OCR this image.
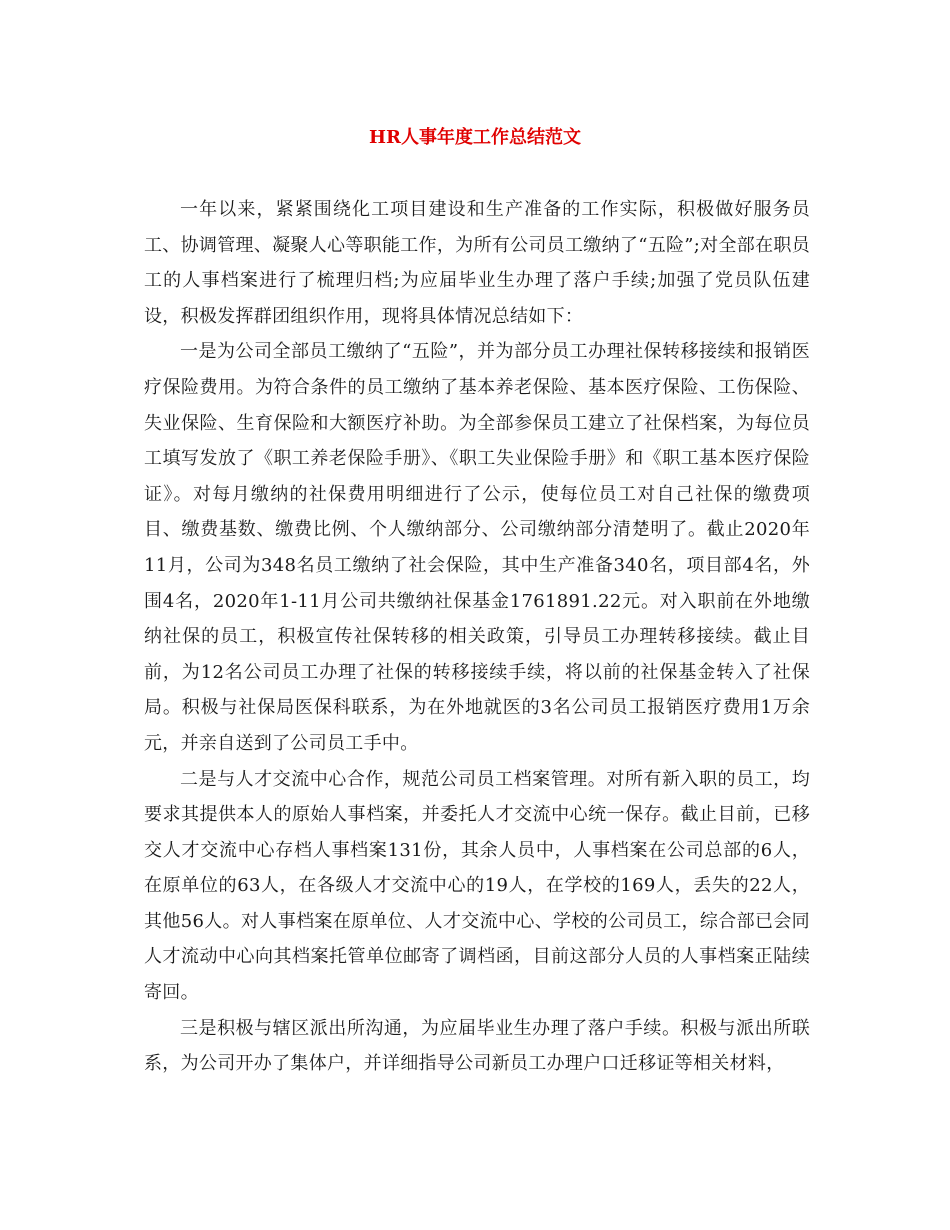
HR人事年度工作总结范文

一年以来，紧紧围绕化工项目建设和生产准备的工作实际，积极做好服务员工、协调管理、凝聚人心等职能工作，为所有公司员工缴纳了“五险”;对全部在职员工的人事档案进行了梳理归档;为应届毕业生办理了落户手续;加强了党员队伍建设，积极发挥群团组织作用，现将具体情况总结如下：

一是为公司全部员工缴纳了“五险”，并为部分员工办理社保转移接续和报销医疗保险费用。为符合条件的员工缴纳了基本养老保险、基本医疗保险、工伤保险、失业保险、生育保险和大额医疗补助。为全部参保员工建立了社保档案，为每位员工填写发放了《职工养老保险手册》、《职工失业保险手册》和《职工基本医疗保险证》。对每月缴纳的社保费用明细进行了公示，使每位员工对自己社保的缴费项目、缴费基数、缴费比例、个人缴纳部分、公司缴纳部分清楚明了。截止2020年11月，公司为348名员工缴纳了社会保险，其中生产准备340名，项目部4名，外围4名，2020年1-11月公司共缴纳社保基金1761891.22元。对入职前在外地缴纳社保的员工，积极宣传社保转移的相关政策，引导员工办理转移接续。截止目前，为12名公司员工办理了社保的转移接续手续，将以前的社保基金转入了社保局。积极与社保局医保科联系，为在外地就医的3名公司员工报销医疗费用1万余元，并亲自送到了公司员工手中。

二是与人才交流中心合作，规范公司员工档案管理。对所有新入职的员工，均要求其提供本人的原始人事档案，并委托人才交流中心统一保存。截止目前，已移交人才交流中心存档人事档案131份，其余人员中，人事档案在公司总部的6人，在原单位的63人，在各级人才交流中心的19人，在学校的169人，丢失的22人，其他56人。对人事档案在原单位、人才交流中心、学校的公司员工，综合部已会同人才流动中心向其档案托管单位邮寄了调档函，目前这部分人员的人事档案正陆续寄回。

三是积极与辖区派出所沟通，为应届毕业生办理了落户手续。积极与派出所联系，为公司开办了集体户，并详细指导公司新员工办理户口迁移证等相关材料，
